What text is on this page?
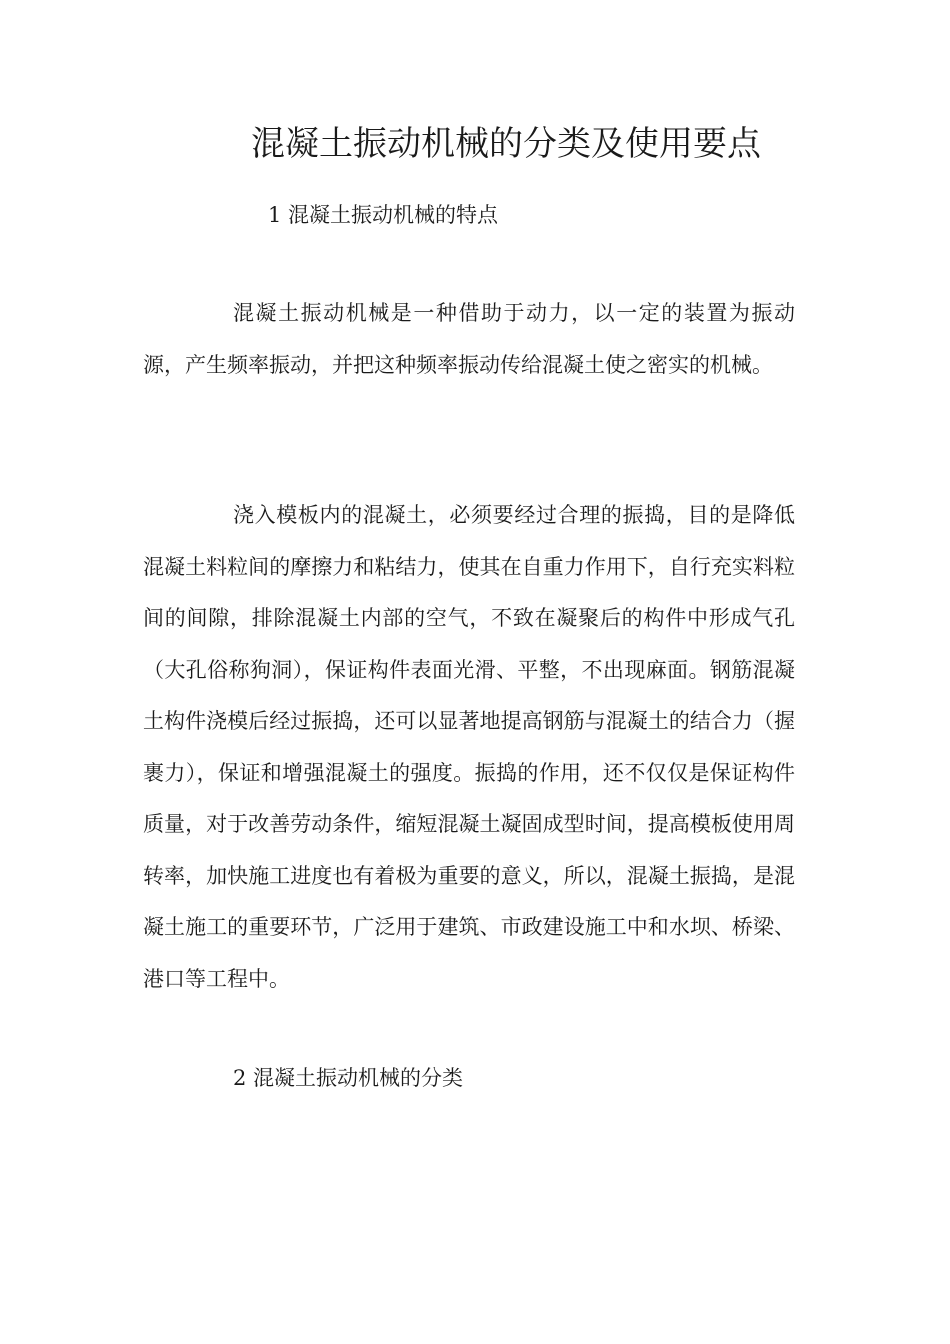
混凝土振动机械的分类及使用要点
1 混凝土振动机械的特点

混凝土振动机械是一种借助于动力，以一定的装置为振动源，产生频率振动，并把这种频率振动传给混凝土使之密实的机械。

浇入模板内的混凝土，必须要经过合理的振捣，目的是降低混凝土料粒间的摩擦力和粘结力，使其在自重力作用下，自行充实料粒间的间隙，排除混凝土内部的空气，不致在凝聚后的构件中形成气孔（大孔俗称狗洞），保证构件表面光滑、平整，不出现麻面。钢筋混凝土构件浇模后经过振捣，还可以显著地提高钢筋与混凝土的结合力（握裹力），保证和增强混凝土的强度。振捣的作用，还不仅仅是保证构件质量，对于改善劳动条件，缩短混凝土凝固成型时间，提高模板使用周转率，加快施工进度也有着极为重要的意义，所以，混凝土振捣，是混凝土施工的重要环节，广泛用于建筑、市政建设施工中和水坝、桥梁、港口等工程中。

2 混凝土振动机械的分类
